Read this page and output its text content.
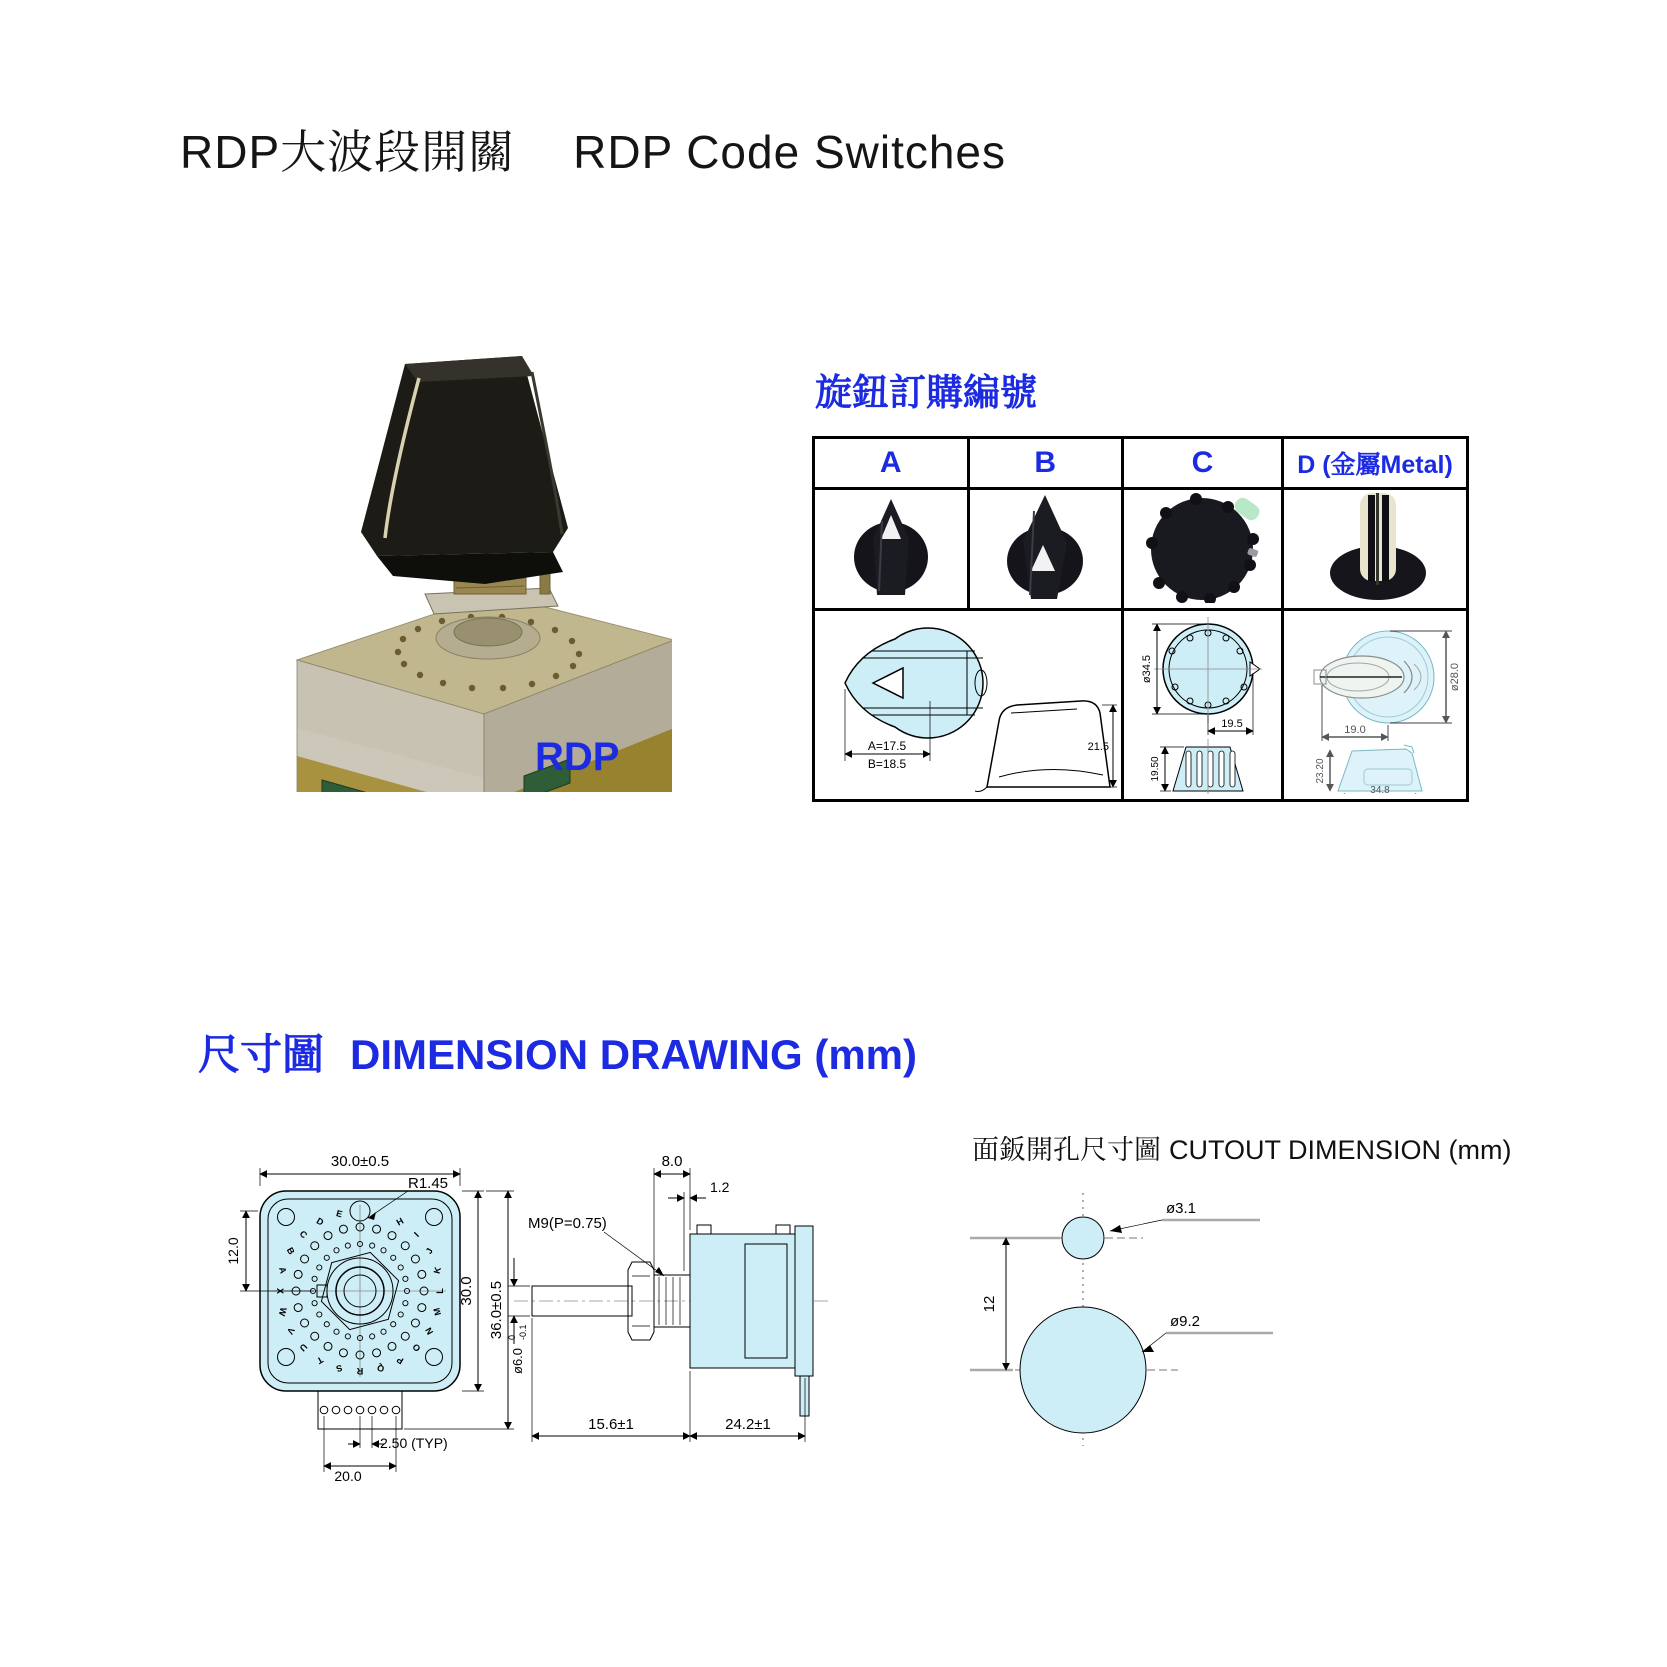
RDP大波段開關 RDP Code Switches
RDP
旋鈕訂購編號
A	B	C	D (金屬Metal)

A=17.5
B=18.5
21.5		ø34.5
19.5
19.50	ø28.0
19.0
23.20
34.8
尺寸圖 DIMENSION DRAWING (mm)
面鈑開孔尺寸圖 CUTOUT DIMENSION (mm)
A
B
C
D
E
H
I
J
K
L
M
N
O
P
Q
R
S
T
U
V
W
X
30.0±0.5
R1.45
12.0
30.0 36.0±0.5
2.50 (TYP)
20.0
8.0
1.2
M9(P=0.75)
ø6.0
0 -0.1
15.6±1	24.2±1
12
ø3.1
ø9.2
